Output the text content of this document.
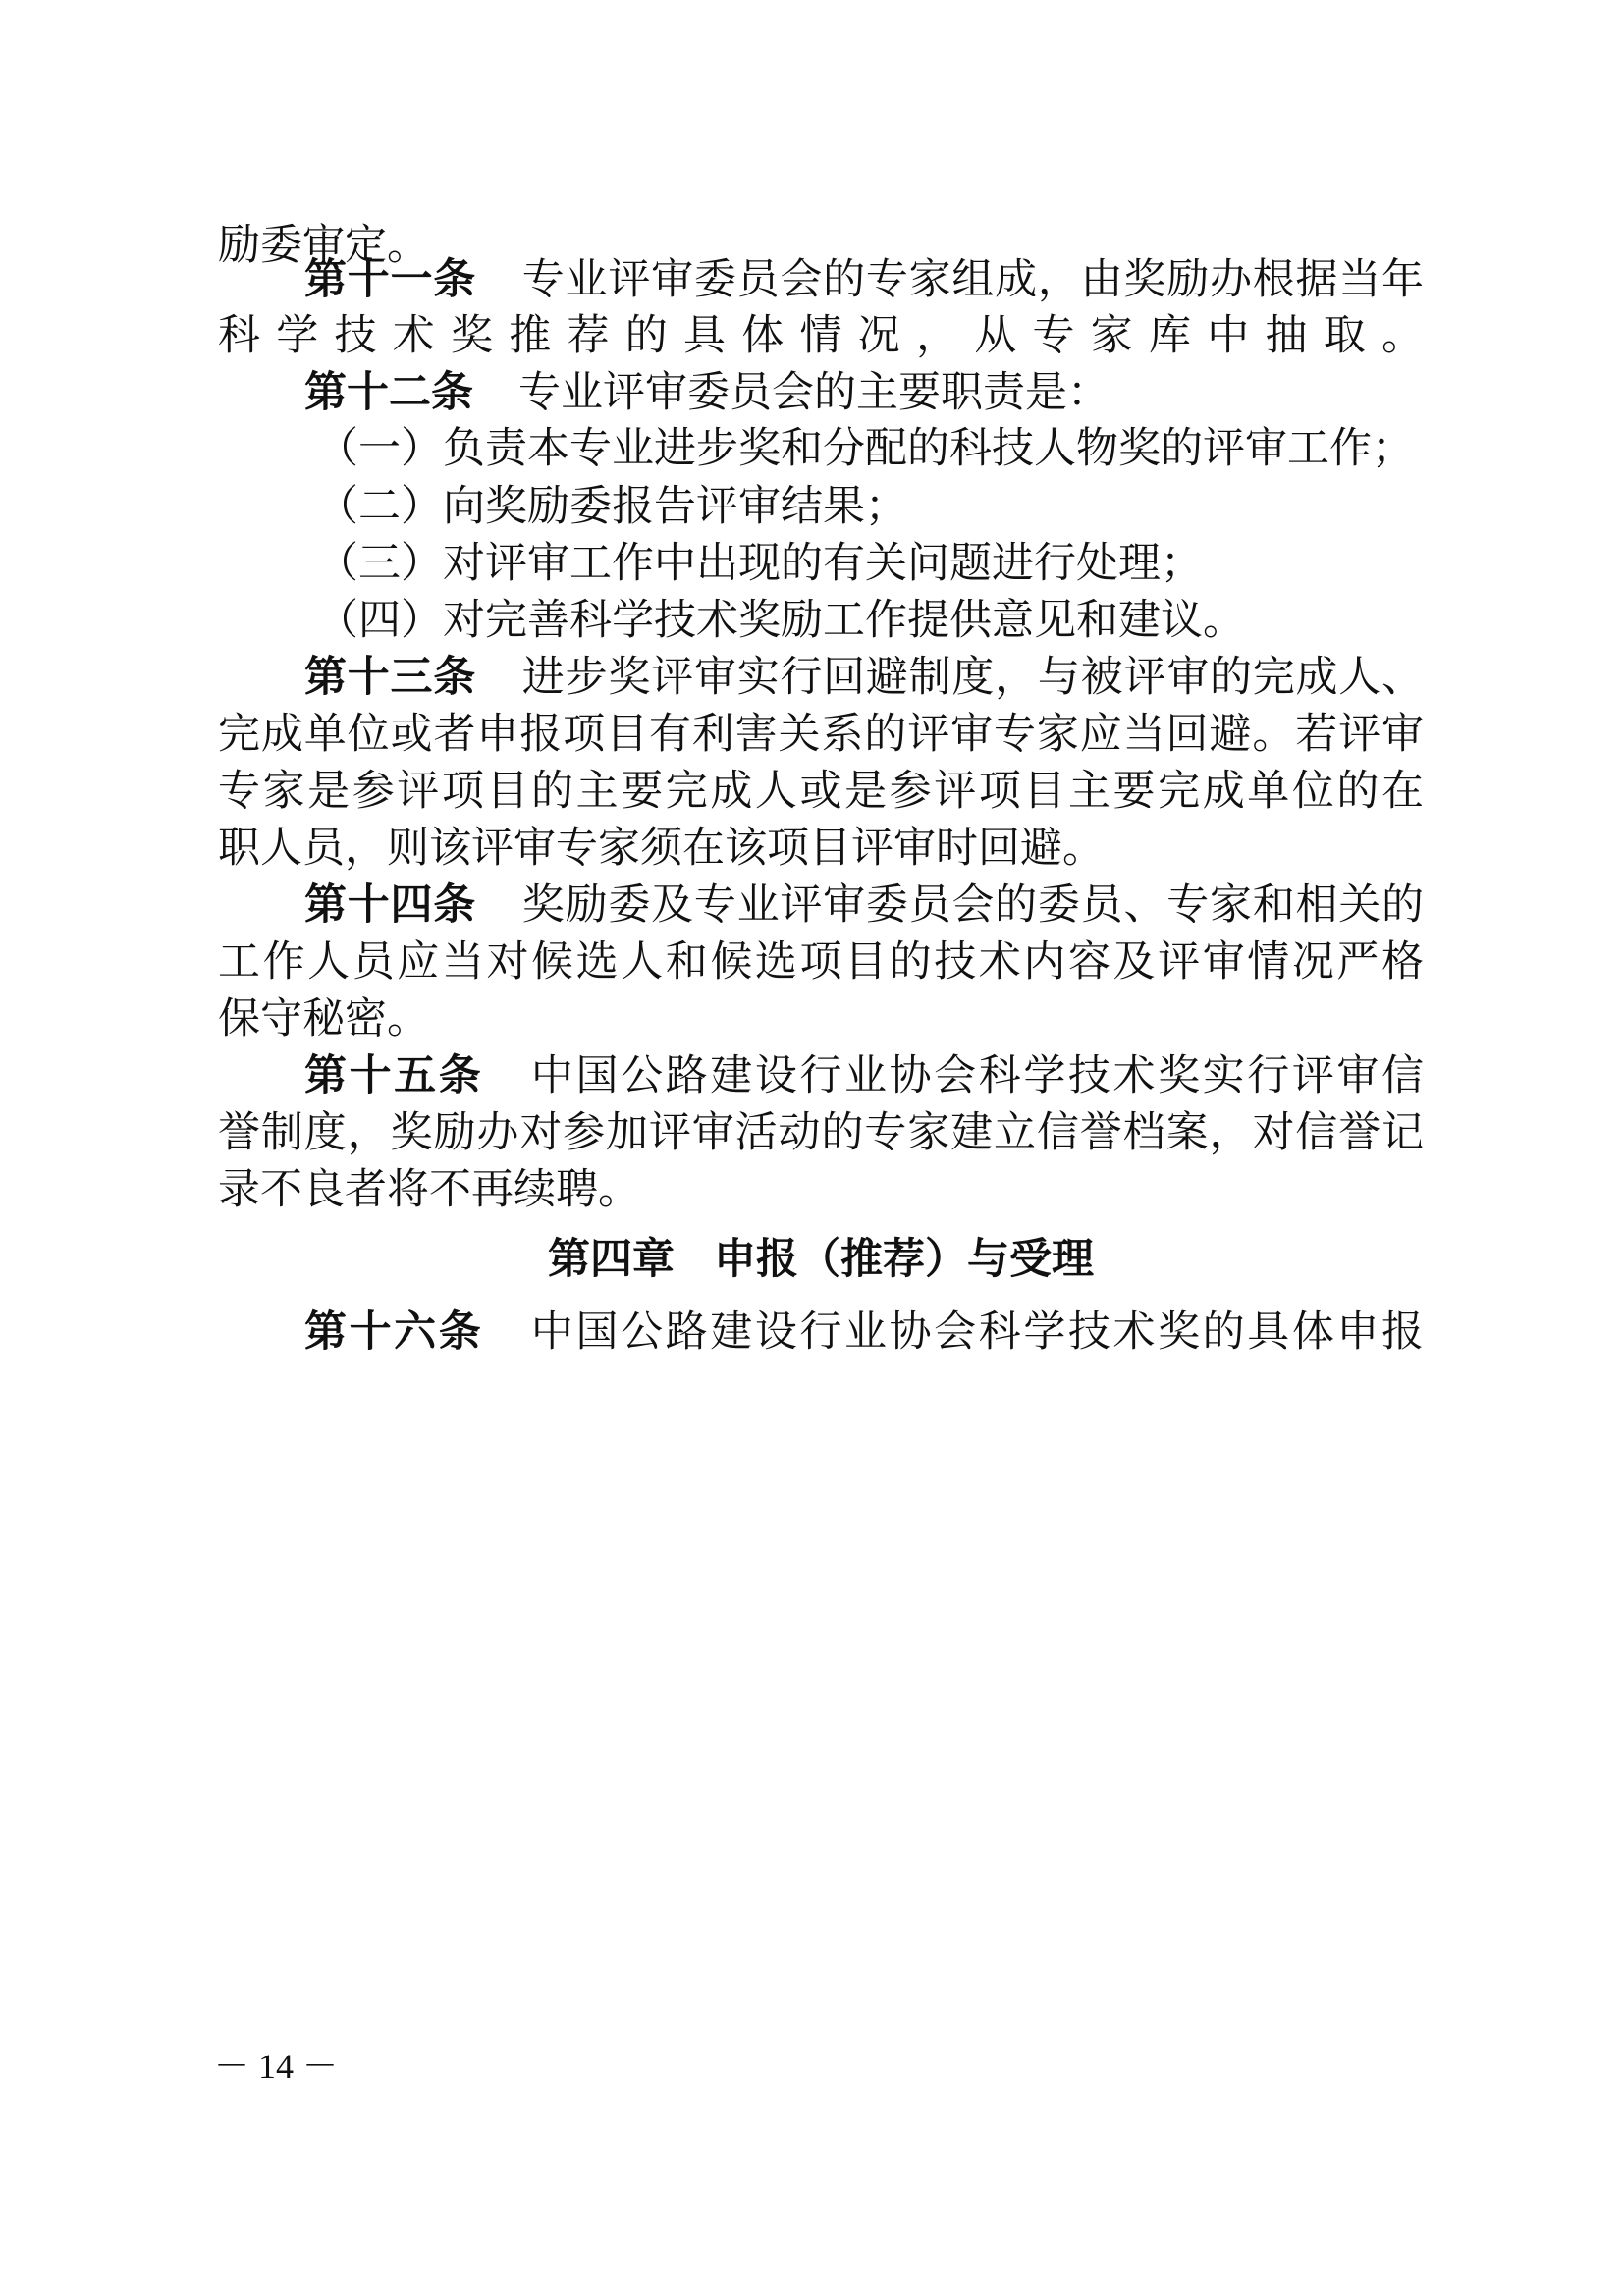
励委审定。
第十一条 专业评审委员会的专家组成，由奖励办根据当年
科学技术奖推荐的具体情况，从专家库中抽取。
第十二条 专业评审委员会的主要职责是：
（一）负责本专业进步奖和分配的科技人物奖的评审工作；
（二）向奖励委报告评审结果；
（三）对评审工作中出现的有关问题进行处理；
（四）对完善科学技术奖励工作提供意见和建议。
第十三条 进步奖评审实行回避制度，与被评审的完成人、
完成单位或者申报项目有利害关系的评审专家应当回避。若评审
专家是参评项目的主要完成人或是参评项目主要完成单位的在
职人员，则该评审专家须在该项目评审时回避。
第十四条 奖励委及专业评审委员会的委员、专家和相关的
工作人员应当对候选人和候选项目的技术内容及评审情况严格
保守秘密。
第十五条 中国公路建设行业协会科学技术奖实行评审信
誉制度，奖励办对参加评审活动的专家建立信誉档案，对信誉记
录不良者将不再续聘。
第四章 申报（推荐）与受理
第十六条 中国公路建设行业协会科学技术奖的具体申报
－ 14 －
